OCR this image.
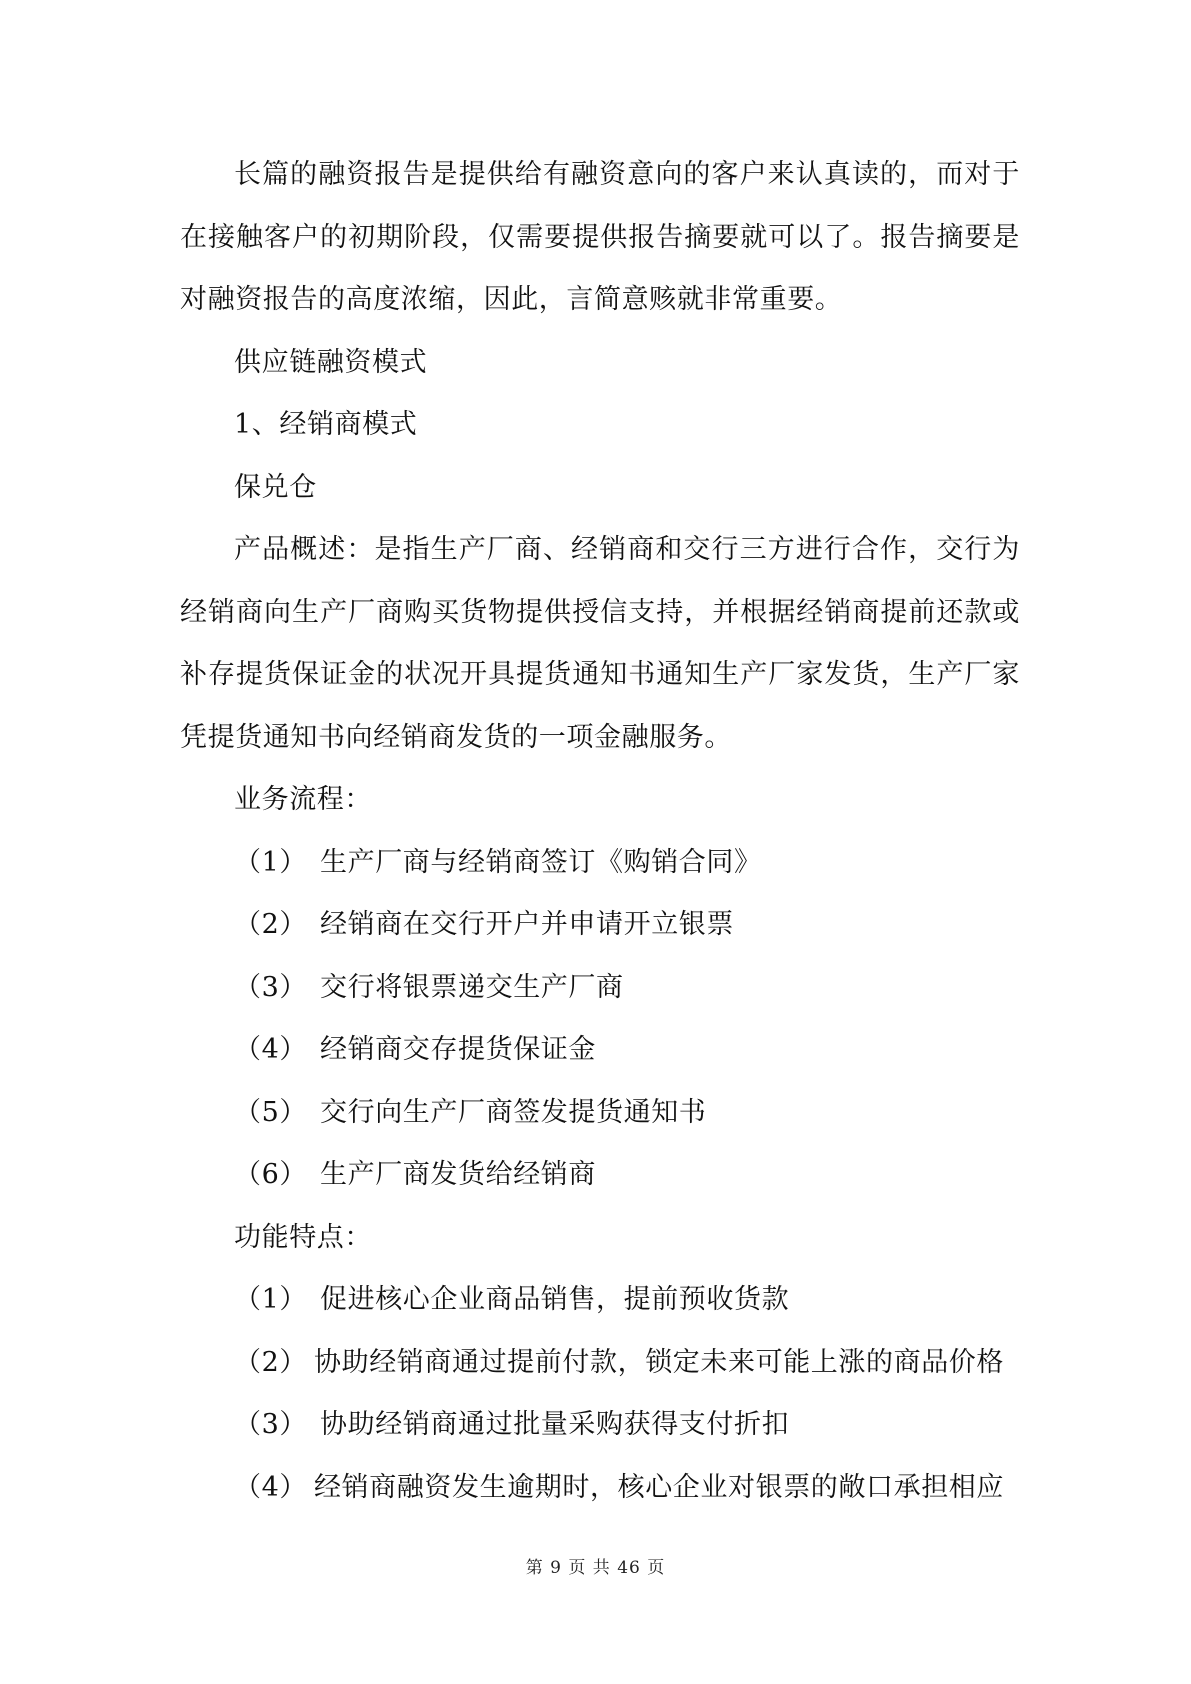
长篇的融资报告是提供给有融资意向的客户来认真读的，而对于在接触客户的初期阶段，仅需要提供报告摘要就可以了。报告摘要是对融资报告的高度浓缩，因此，言简意赅就非常重要。

供应链融资模式

1、经销商模式

保兑仓

产品概述：是指生产厂商、经销商和交行三方进行合作，交行为经销商向生产厂商购买货物提供授信支持，并根据经销商提前还款或补存提货保证金的状况开具提货通知书通知生产厂家发货，生产厂家凭提货通知书向经销商发货的一项金融服务。

业务流程：

（1） 生产厂商与经销商签订《购销合同》

（2） 经销商在交行开户并申请开立银票

（3） 交行将银票递交生产厂商

（4） 经销商交存提货保证金

（5） 交行向生产厂商签发提货通知书

（6） 生产厂商发货给经销商

功能特点：

（1） 促进核心企业商品销售，提前预收货款

（2） 协助经销商通过提前付款，锁定未来可能上涨的商品价格

（3） 协助经销商通过批量采购获得支付折扣

（4） 经销商融资发生逾期时，核心企业对银票的敞口承担相应

第 9 页 共 46 页
